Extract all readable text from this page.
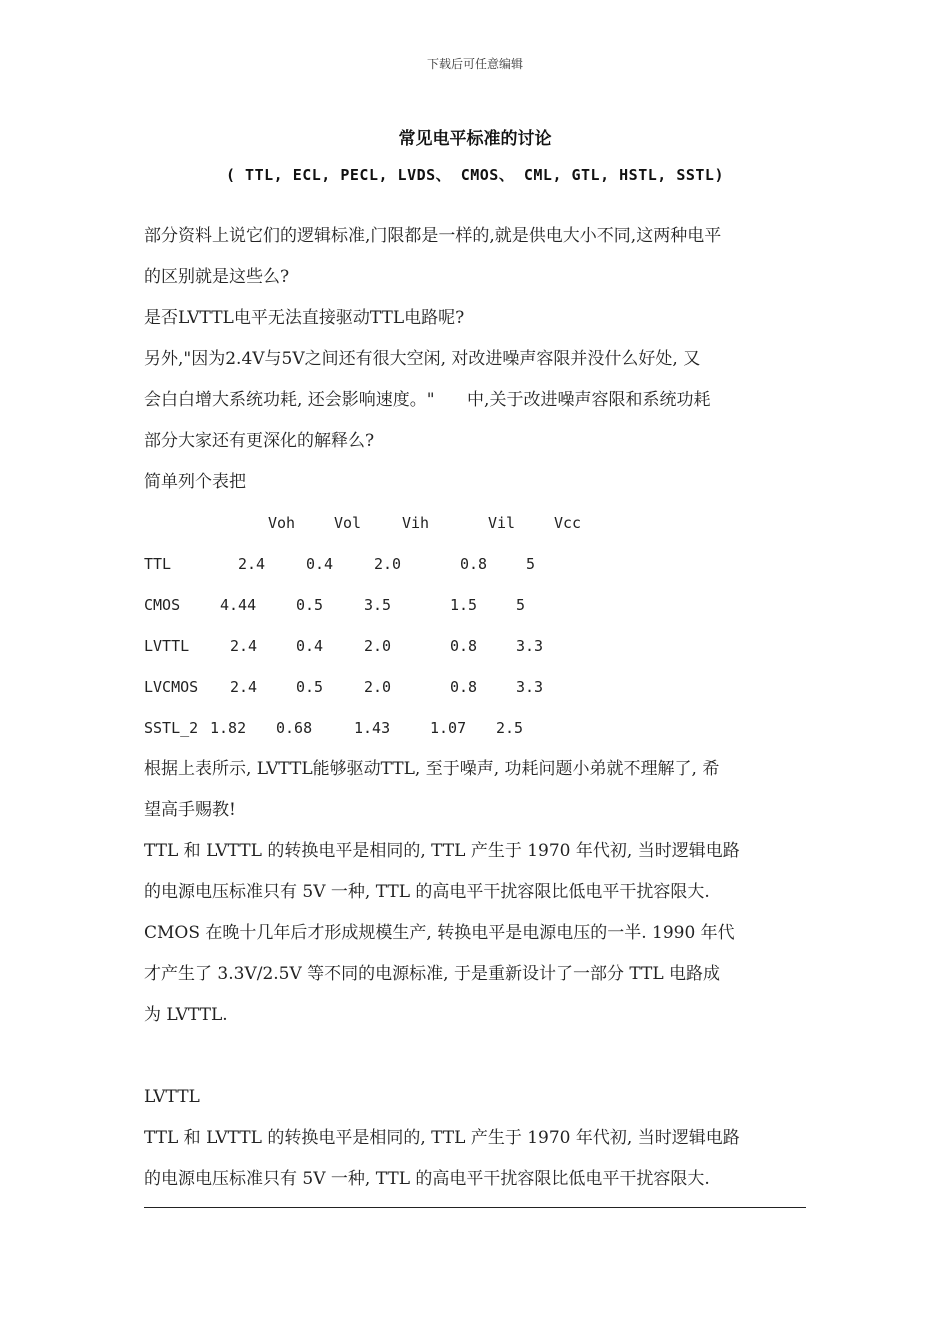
下载后可任意编辑
常见电平标准的讨论
( TTL, ECL, PECL, LVDS、 CMOS、 CML, GTL, HSTL, SSTL)

部分资料上说它们的逻辑标准,门限都是一样的,就是供电大小不同,这两种电平

的区别就是这些么?

是否LVTTL电平无法直接驱动TTL电路呢?

另外,"因为2.4V与5V之间还有很大空闲, 对改进噪声容限并没什么好处, 又

会白白增大系统功耗, 还会影响速度。"      中,关于改进噪声容限和系统功耗

部分大家还有更深化的解释么?

简单列个表把

Voh	Vol	Vih	Vil	Vcc
TTL	2.4	0.4	2.0	0.8	5
CMOS	4.44	0.5	3.5	1.5	5
LVTTL	2.4	0.4	2.0	0.8	3.3
LVCMOS 2.4	0.5	2.0	0.8	3.3
SSTL_2 1.82 0.68	1.43	1.07 2.5

根据上表所示, LVTTL能够驱动TTL, 至于噪声, 功耗问题小弟就不理解了, 希

望高手赐教!

TTL 和 LVTTL 的转换电平是相同的, TTL 产生于 1970 年代初, 当时逻辑电路

的电源电压标准只有 5V 一种, TTL 的高电平干扰容限比低电平干扰容限大.

CMOS 在晚十几年后才形成规模生产, 转换电平是电源电压的一半. 1990 年代

才产生了 3.3V/2.5V 等不同的电源标准, 于是重新设计了一部分 TTL 电路成

为 LVTTL.

LVTTL

TTL 和 LVTTL 的转换电平是相同的, TTL 产生于 1970 年代初, 当时逻辑电路

的电源电压标准只有 5V 一种, TTL 的高电平干扰容限比低电平干扰容限大.
